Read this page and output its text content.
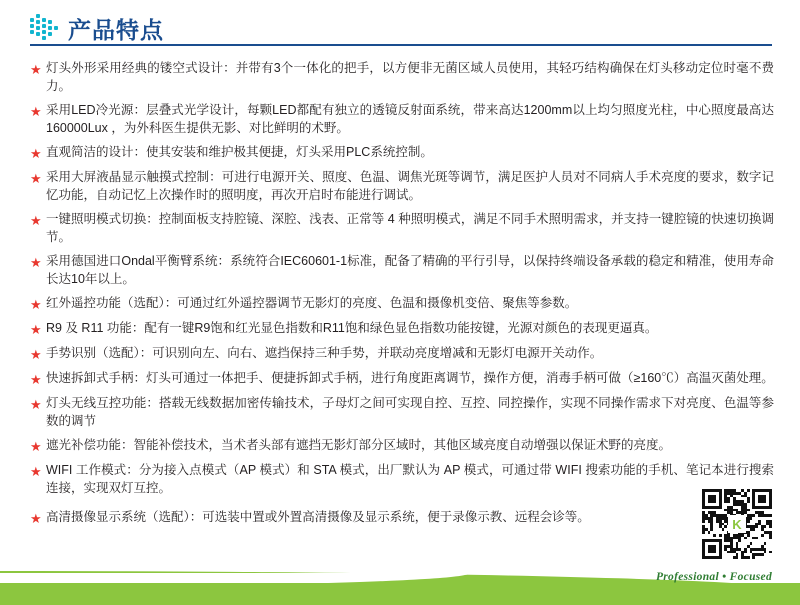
产品特点
★ 灯头外形采用经典的镂空式设计：并带有3个一体化的把手，以方便非无菌区域人员使用，其轻巧结构确保在灯头移动定位时毫不费力。
★ 采用LED冷光源：层叠式光学设计，每颗LED都配有独立的透镜反射面系统，带来高达1200mm以上均匀照度光柱，中心照度最高达 160000Lux ，为外科医生提供无影、对比鲜明的术野。
★ 直观简洁的设计：使其安装和维护极其便捷，灯头采用PLC系统控制。
★ 采用大屏液晶显示触摸式控制：可进行电源开关、照度、色温、调焦光斑等调节，满足医护人员对不同病人手术亮度的要求，数字记忆功能，自动记忆上次操作时的照明度，再次开启时布能进行调试。
★ 一键照明模式切换：控制面板支持腔镜、深腔、浅表、正常等 4 种照明模式，满足不同手术照明需求，并支持一键腔镜的快速切换调节。
★ 采用德国进口Ondal平衡臂系统：系统符合IEC60601-1标准，配备了精确的平行引导，以保持终端设备承载的稳定和精准，使用寿命长达10年以上。
★ 红外遥控功能（选配）：可通过红外遥控器调节无影灯的亮度、色温和摄像机变倍、聚焦等参数。
★ R9 及 R11 功能：配有一键R9饱和红光显色指数和R11饱和绿色显色指数功能按键，光源对颜色的表现更逼真。
★ 手势识别（选配）：可识别向左、向右、遮挡保持三种手势，并联动亮度增减和无影灯电源开关动作。
★ 快速拆卸式手柄：灯头可通过一体把手、便捷拆卸式手柄，进行角度距离调节，操作方便，消毒手柄可做（≥160℃）高温灭菌处理。
★ 灯头无线互控功能：搭载无线数据加密传输技术，子母灯之间可实现自控、互控、同控操作，实现不同操作需求下对亮度、色温等参数的调节
★ 遮光补偿功能：智能补偿技术，当术者头部有遮挡无影灯部分区域时，其他区域亮度自动增强以保证术野的亮度。
★ WIFI 工作模式：分为接入点模式（AP 模式）和 STA 模式，出厂默认为 AP 模式，可通过带 WIFI 搜索功能的手机、笔记本进行搜索连接，实现双灯互控。
★ 高清摄像显示系统（选配）：可选装中置或外置高清摄像及显示系统，便于录像示教、远程会诊等。	K
Professional • Focused
